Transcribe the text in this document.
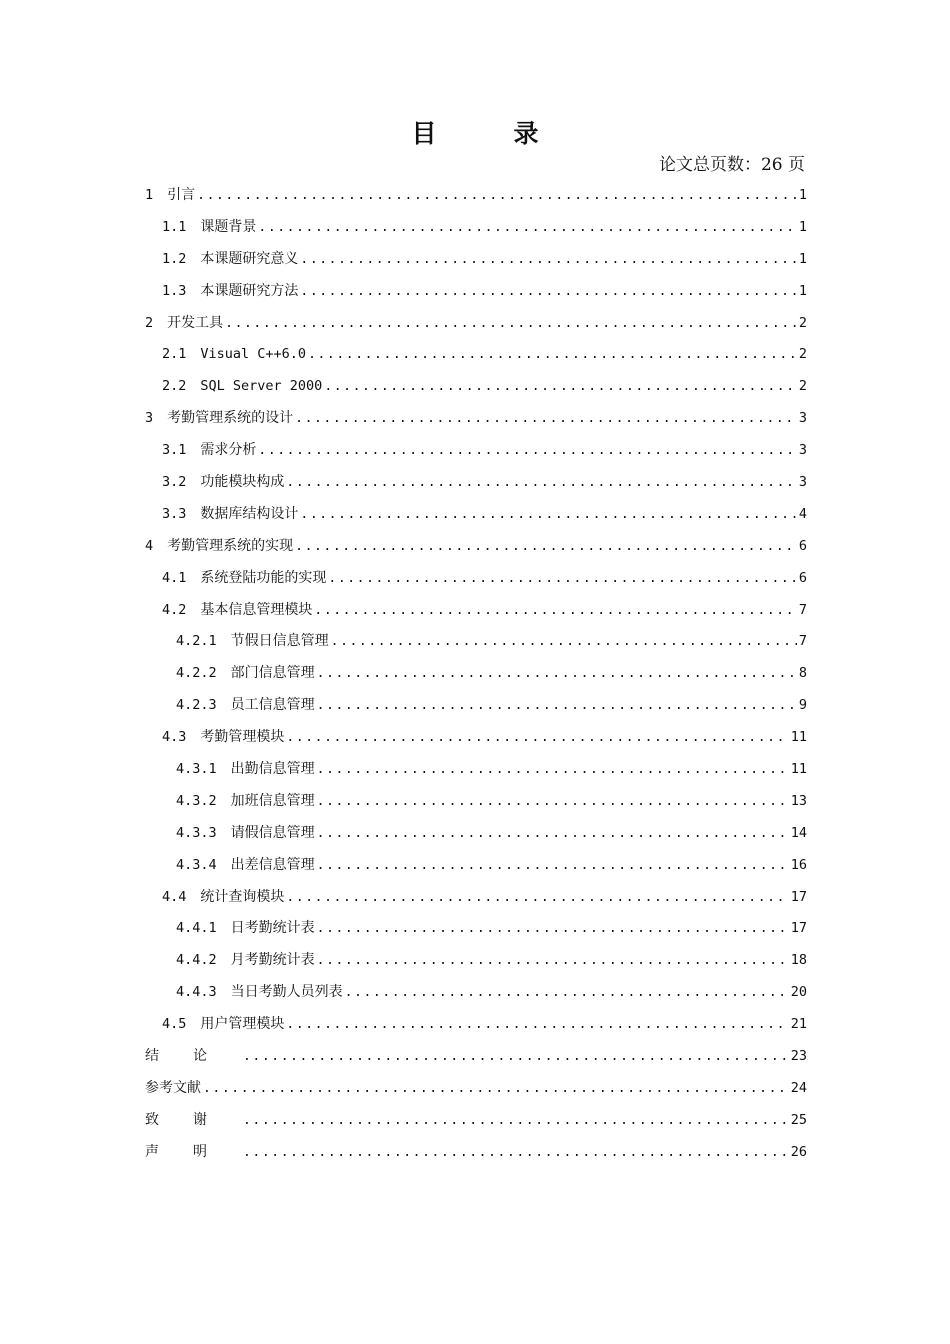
目　录
论文总页数：26 页
1 引言 .....	1
1.1 课题背景 .....	1
1.2 本课题研究意义 .....	1
1.3 本课题研究方法 .....	1
2 开发工具 .....	2
2.1 Visual C++6.0 .....	2
2.2 SQL Server 2000 .....	2
3 考勤管理系统的设计 .....	3
3.1 需求分析 .....	3
3.2 功能模块构成 .....	3
3.3 数据库结构设计 .....	4
4 考勤管理系统的实现 .....	6
4.1 系统登陆功能的实现 .....	6
4.2 基本信息管理模块 .....	7
4.2.1 节假日信息管理 .....	7
4.2.2 部门信息管理 .....	8
4.2.3 员工信息管理 .....	9
4.3 考勤管理模块 .....	11
4.3.1 出勤信息管理 .....	11
4.3.2 加班信息管理 .....	13
4.3.3 请假信息管理 .....	14
4.3.4 出差信息管理 .....	16
4.4 统计查询模块 .....	17
4.4.1 日考勤统计表 .....	17
4.4.2 月考勤统计表 .....	18
4.4.3 当日考勤人员列表 .....	20
4.5 用户管理模块 .....	21
结论 .....	23
参考文献 .....	24
致谢 .....	25
声明 .....	26
